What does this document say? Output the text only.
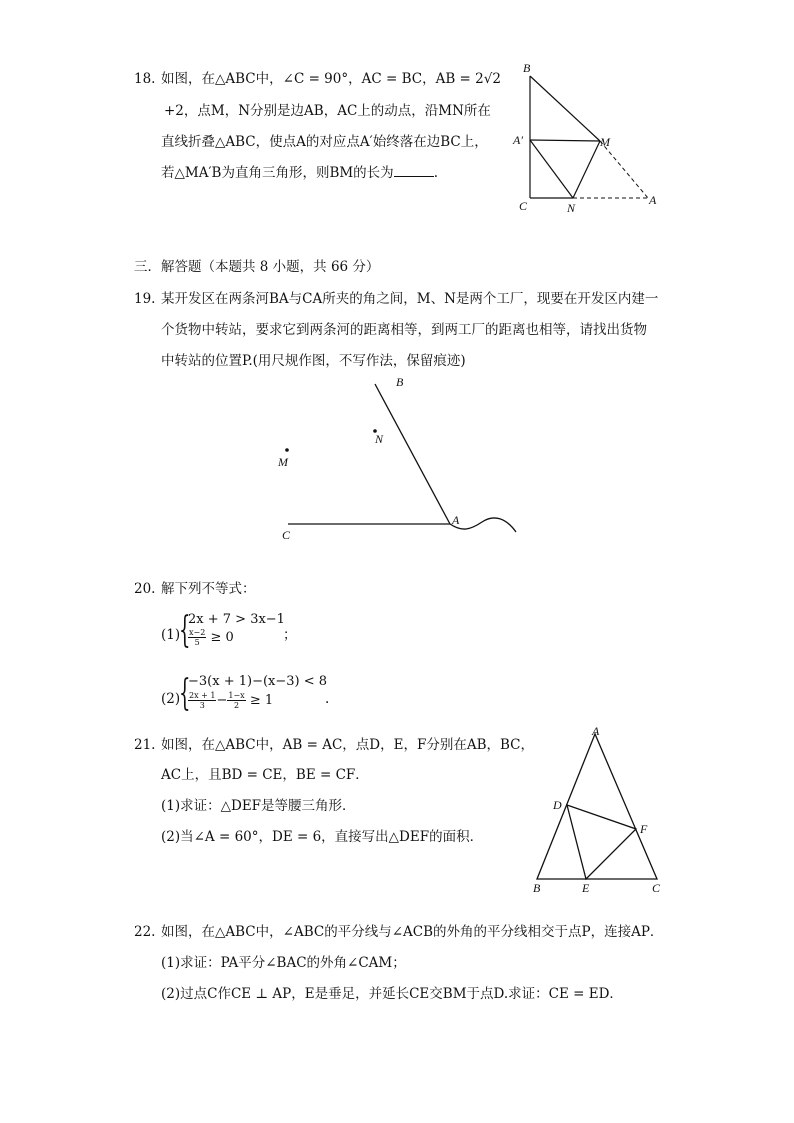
18. 如图，在△ABC中，∠C = 90°，AC = BC，AB = 2√2
+2，点M，N分别是边AB，AC上的动点，沿MN所在
直线折叠△ABC，使点A的对应点A′始终落在边BC上，
若△MA′B为直角三角形，则BM的长为	.
B
A′	M
C	N
A
三．解答题（本题共 8 小题，共 66 分）
19. 某开发区在两条河BA与CA所夹的角之间，M、N是两个工厂，现要在开发区内建一
个货物中转站，要求它到两条河的距离相等，到两工厂的距离也相等，请找出货物
中转站的位置P.(用尺规作图，不写作法，保留痕迹)
B
N
M
A
C
20. 解下列不等式：
(1)
{
2x + 7 > 3x−1
$\frac{x-2}{5} \ge 0$	；
(2)
{
−3(x + 1)−(x−3) < 8
$\frac{2x + 1}{3} - \frac{1-x}{2} \ge 1$	.
21. 如图，在△ABC中，AB = AC，点D，E，F分别在AB，BC，
AC上，且BD = CE，BE = CF．
(1)求证：△DEF是等腰三角形．
(2)当∠A = 60°，DE = 6，直接写出△DEF的面积．
A
D
F
B	E	C
22. 如图，在△ABC中，∠ABC的平分线与∠ACB的外角的平分线相交于点P，连接AP．
(1)求证：PA平分∠BAC的外角∠CAM；
(2)过点C作CE ⊥ AP，E是垂足，并延长CE交BM于点D.求证：CE = ED．
